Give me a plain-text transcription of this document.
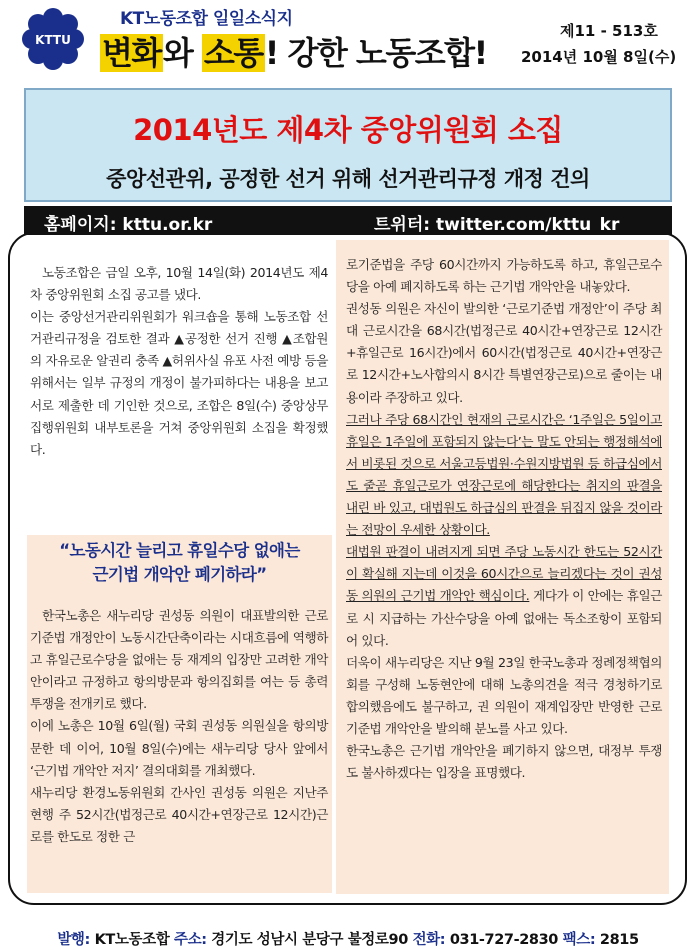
KTTU
KT노동조합 일일소식지
변화와 소통! 강한 노동조합!
제11 - 513호
2014년 10월 8일(수)
2014년도 제4차 중앙위원회 소집
중앙선관위, 공정한 선거 위해 선거관리규정 개정 건의
홈페이지: kttu.or.kr	트위터: twitter.com/kttu_kr

노동조합은 금일 오후, 10월 14일(화) 2014년도 제4차 중앙위원회 소집 공고를 냈다.

이는 중앙선거관리위원회가 워크숍을 통해 노동조합 선거관리규정을 검토한 결과 ▲공정한 선거 진행 ▲조합원의 자유로운 알권리 충족 ▲허위사실 유포 사전 예방 등을 위해서는 일부 규정의 개정이 불가피하다는 내용을 보고서로 제출한 데 기인한 것으로, 조합은 8일(수) 중앙상무집행위원회 내부토론을 거쳐 중앙위원회 소집을 확정했다.

“노동시간 늘리고 휴일수당 없애는
근기법 개악안 폐기하라”

한국노총은 새누리당 권성동 의원이 대표발의한 근로기준법 개정안이 노동시간단축이라는 시대흐름에 역행하고 휴일근로수당을 없애는 등 재계의 입장만 고려한 개악안이라고 규정하고 항의방문과 항의집회를 여는 등 총력투쟁을 전개키로 했다.

이에 노총은 10월 6일(월) 국회 권성동 의원실을 항의방문한 데 이어, 10월 8일(수)에는 새누리당 당사 앞에서 ‘근기법 개악안 저지’ 결의대회를 개최했다.

새누리당 환경노동위원회 간사인 권성동 의원은 지난주 현행 주 52시간(법정근로 40시간+연장근로 12시간)근로를 한도로 정한 근

로기준법을 주당 60시간까지 가능하도록 하고, 휴일근로수당을 아예 폐지하도록 하는 근기법 개악안을 내놓았다.

권성동 의원은 자신이 발의한 ‘근로기준법 개정안’이 주당 최대 근로시간을 68시간(법정근로 40시간+연장근로 12시간+휴일근로 16시간)에서 60시간(법정근로 40시간+연장근로 12시간+노사합의시 8시간 특별연장근로)으로 줄이는 내용이라 주장하고 있다.

그러나 주당 68시간인 현재의 근로시간은 ‘1주일은 5일이고 휴일은 1주일에 포함되지 않는다’는 말도 안되는 행정해석에서 비롯된 것으로 서울고등법원·수원지방법원 등 하급심에서도 줄곧 휴일근로가 연장근로에 해당한다는 취지의 판결을 내린 바 있고, 대법원도 하급심의 판결을 뒤집지 않을 것이라는 전망이 우세한 상황이다.

대법원 판결이 내려지게 되면 주당 노동시간 한도는 52시간이 확실해 지는데 이것을 60시간으로 늘리겠다는 것이 권성동 의원의 근기법 개악안 핵심이다. 게다가 이 안에는 휴일근로 시 지급하는 가산수당을 아예 없애는 독소조항이 포함되어 있다.

더욱이 새누리당은 지난 9월 23일 한국노총과 정례정책협의회를 구성해 노동현안에 대해 노총의견을 적극 경청하기로 합의했음에도 불구하고, 권 의원이 재계입장만 반영한 근로기준법 개악안을 발의해 분노를 사고 있다.

한국노총은 근기법 개악안을 폐기하지 않으면, 대정부 투쟁도 불사하겠다는 입장을 표명했다.

발행: KT노동조합 주소: 경기도 성남시 분당구 불정로90 전화: 031-727-2830 팩스: 2815
